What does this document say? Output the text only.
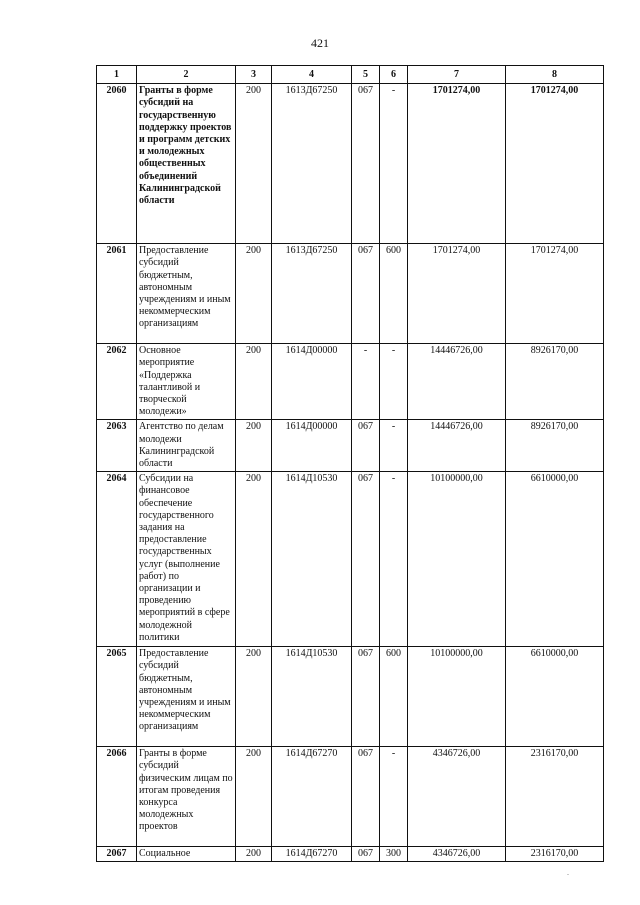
421
1	2	3	4	5	6	7	8
2060	Гранты в форме субсидий на государственную поддержку проектов и программ детских и молодежных общественных объединений Калининградской области	200	1613Д67250	067	-	1701274,00	1701274,00
2061	Предоставление субсидий бюджетным, автономным учреждениям и иным некоммерческим организациям	200	1613Д67250	067	600	1701274,00	1701274,00
2062	Основное мероприятие «Поддержка талантливой и творческой молодежи»	200	1614Д00000	-	-	14446726,00	8926170,00
2063	Агентство по делам молодежи Калининградской области	200	1614Д00000	067	-	14446726,00	8926170,00
2064	Субсидии на финансовое обеспечение государственного задания на предоставление государственных услуг (выполнение работ) по организации и проведению мероприятий в сфере молодежной политики	200	1614Д10530	067	-	10100000,00	6610000,00
2065	Предоставление субсидий бюджетным, автономным учреждениям и иным некоммерческим организациям	200	1614Д10530	067	600	10100000,00	6610000,00
2066	Гранты в форме субсидий физическим лицам по итогам проведения конкурса молодежных проектов	200	1614Д67270	067	-	4346726,00	2316170,00
2067	Социальное	200	1614Д67270	067	300	4346726,00	2316170,00
.
